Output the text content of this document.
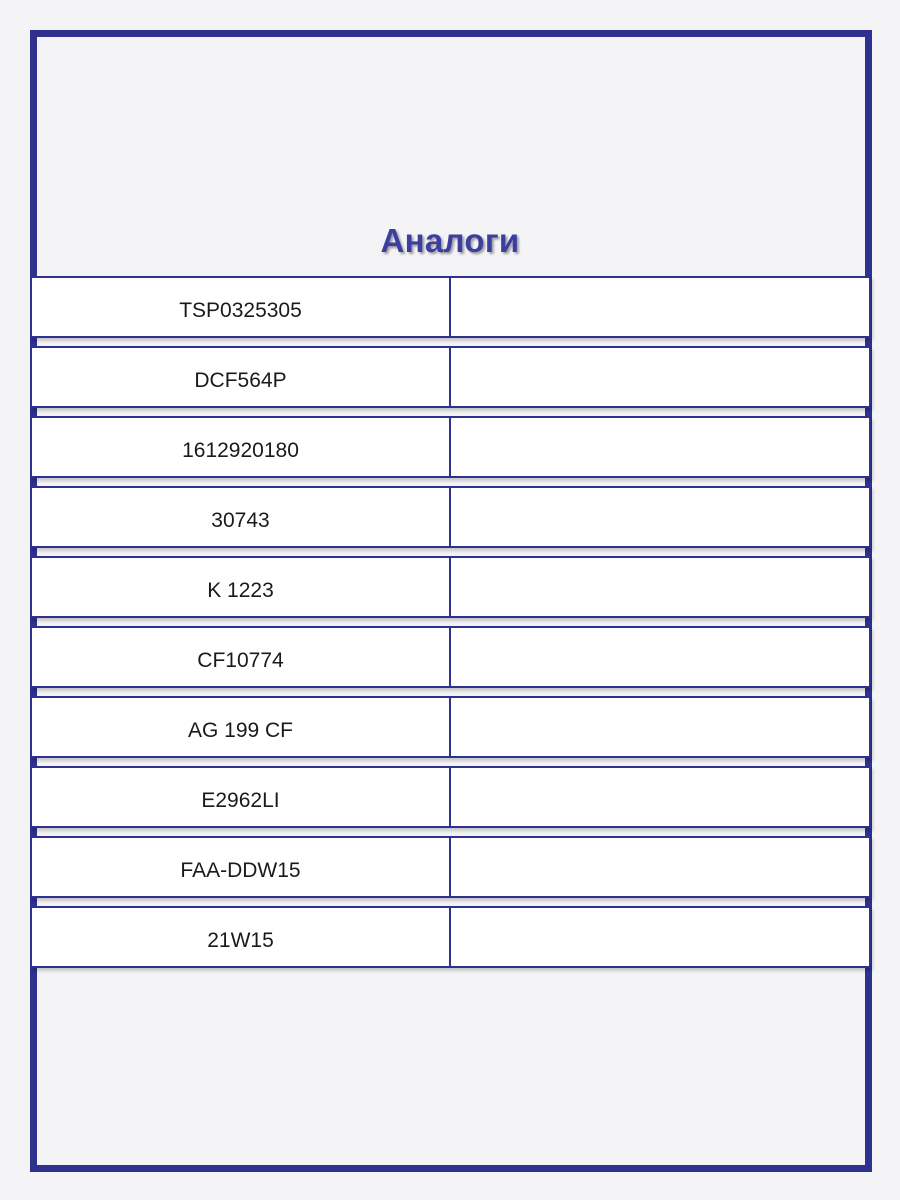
Аналоги
TSP0325305
DCF564P
1612920180
30743
K 1223
CF10774
AG 199 CF
E2962LI
FAA-DDW15
21W15
